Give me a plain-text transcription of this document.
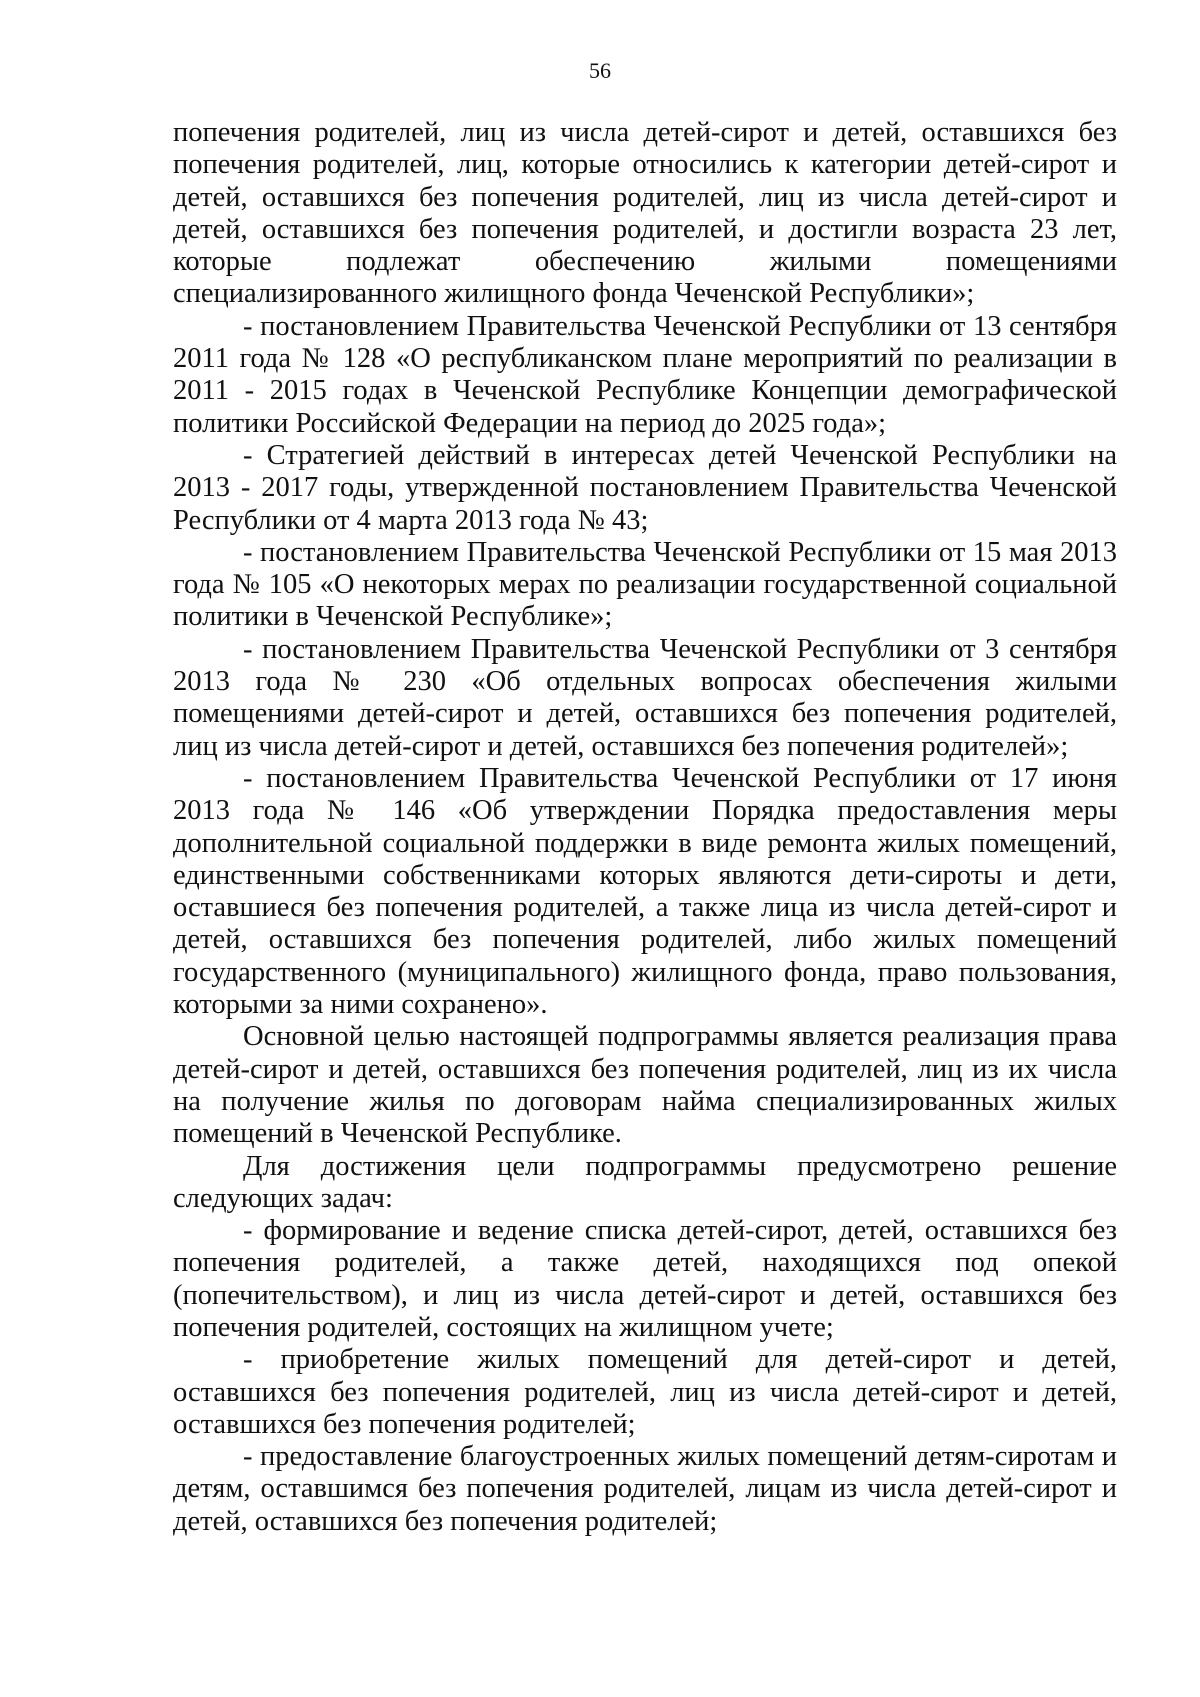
56

попечения родителей, лиц из числа детей-сирот и детей, оставшихся без попечения родителей, лиц, которые относились к категории детей-сирот и детей, оставшихся без попечения родителей, лиц из числа детей-сирот и детей, оставшихся без попечения родителей, и достигли возраста 23 лет, которые подлежат обеспечению жилыми помещениями специализированного жилищного фонда Чеченской Республики»;

- постановлением Правительства Чеченской Республики от 13 сентября 2011 года № 128 «О республиканском плане мероприятий по реализации в 2011 - 2015 годах в Чеченской Республике Концепции демографической политики Российской Федерации на период до 2025 года»;

- Стратегией действий в интересах детей Чеченской Республики на 2013 - 2017 годы, утвержденной постановлением Правительства Чеченской Республики от 4 марта 2013 года № 43;

- постановлением Правительства Чеченской Республики от 15 мая 2013 года № 105 «О некоторых мерах по реализации государственной социальной политики в Чеченской Республике»;

- постановлением Правительства Чеченской Республики от 3 сентября 2013 года № 230 «Об отдельных вопросах обеспечения жилыми помещениями детей-сирот и детей, оставшихся без попечения родителей, лиц из числа детей-сирот и детей, оставшихся без попечения родителей»;

- постановлением Правительства Чеченской Республики от 17 июня 2013 года № 146 «Об утверждении Порядка предоставления меры дополнительной социальной поддержки в виде ремонта жилых помещений, единственными собственниками которых являются дети-сироты и дети, оставшиеся без попечения родителей, а также лица из числа детей-сирот и детей, оставшихся без попечения родителей, либо жилых помещений государственного (муниципального) жилищного фонда, право пользования, которыми за ними сохранено».

Основной целью настоящей подпрограммы является реализация права детей-сирот и детей, оставшихся без попечения родителей, лиц из их числа на получение жилья по договорам найма специализированных жилых помещений в Чеченской Республике.

Для достижения цели подпрограммы предусмотрено решение следующих задач:

- формирование и ведение списка детей-сирот, детей, оставшихся без попечения родителей, а также детей, находящихся под опекой (попечительством), и лиц из числа детей-сирот и детей, оставшихся без попечения родителей, состоящих на жилищном учете;

- приобретение жилых помещений для детей-сирот и детей, оставшихся без попечения родителей, лиц из числа детей-сирот и детей, оставшихся без попечения родителей;

- предоставление благоустроенных жилых помещений детям-сиротам и детям, оставшимся без попечения родителей, лицам из числа детей-сирот и детей, оставшихся без попечения родителей;
